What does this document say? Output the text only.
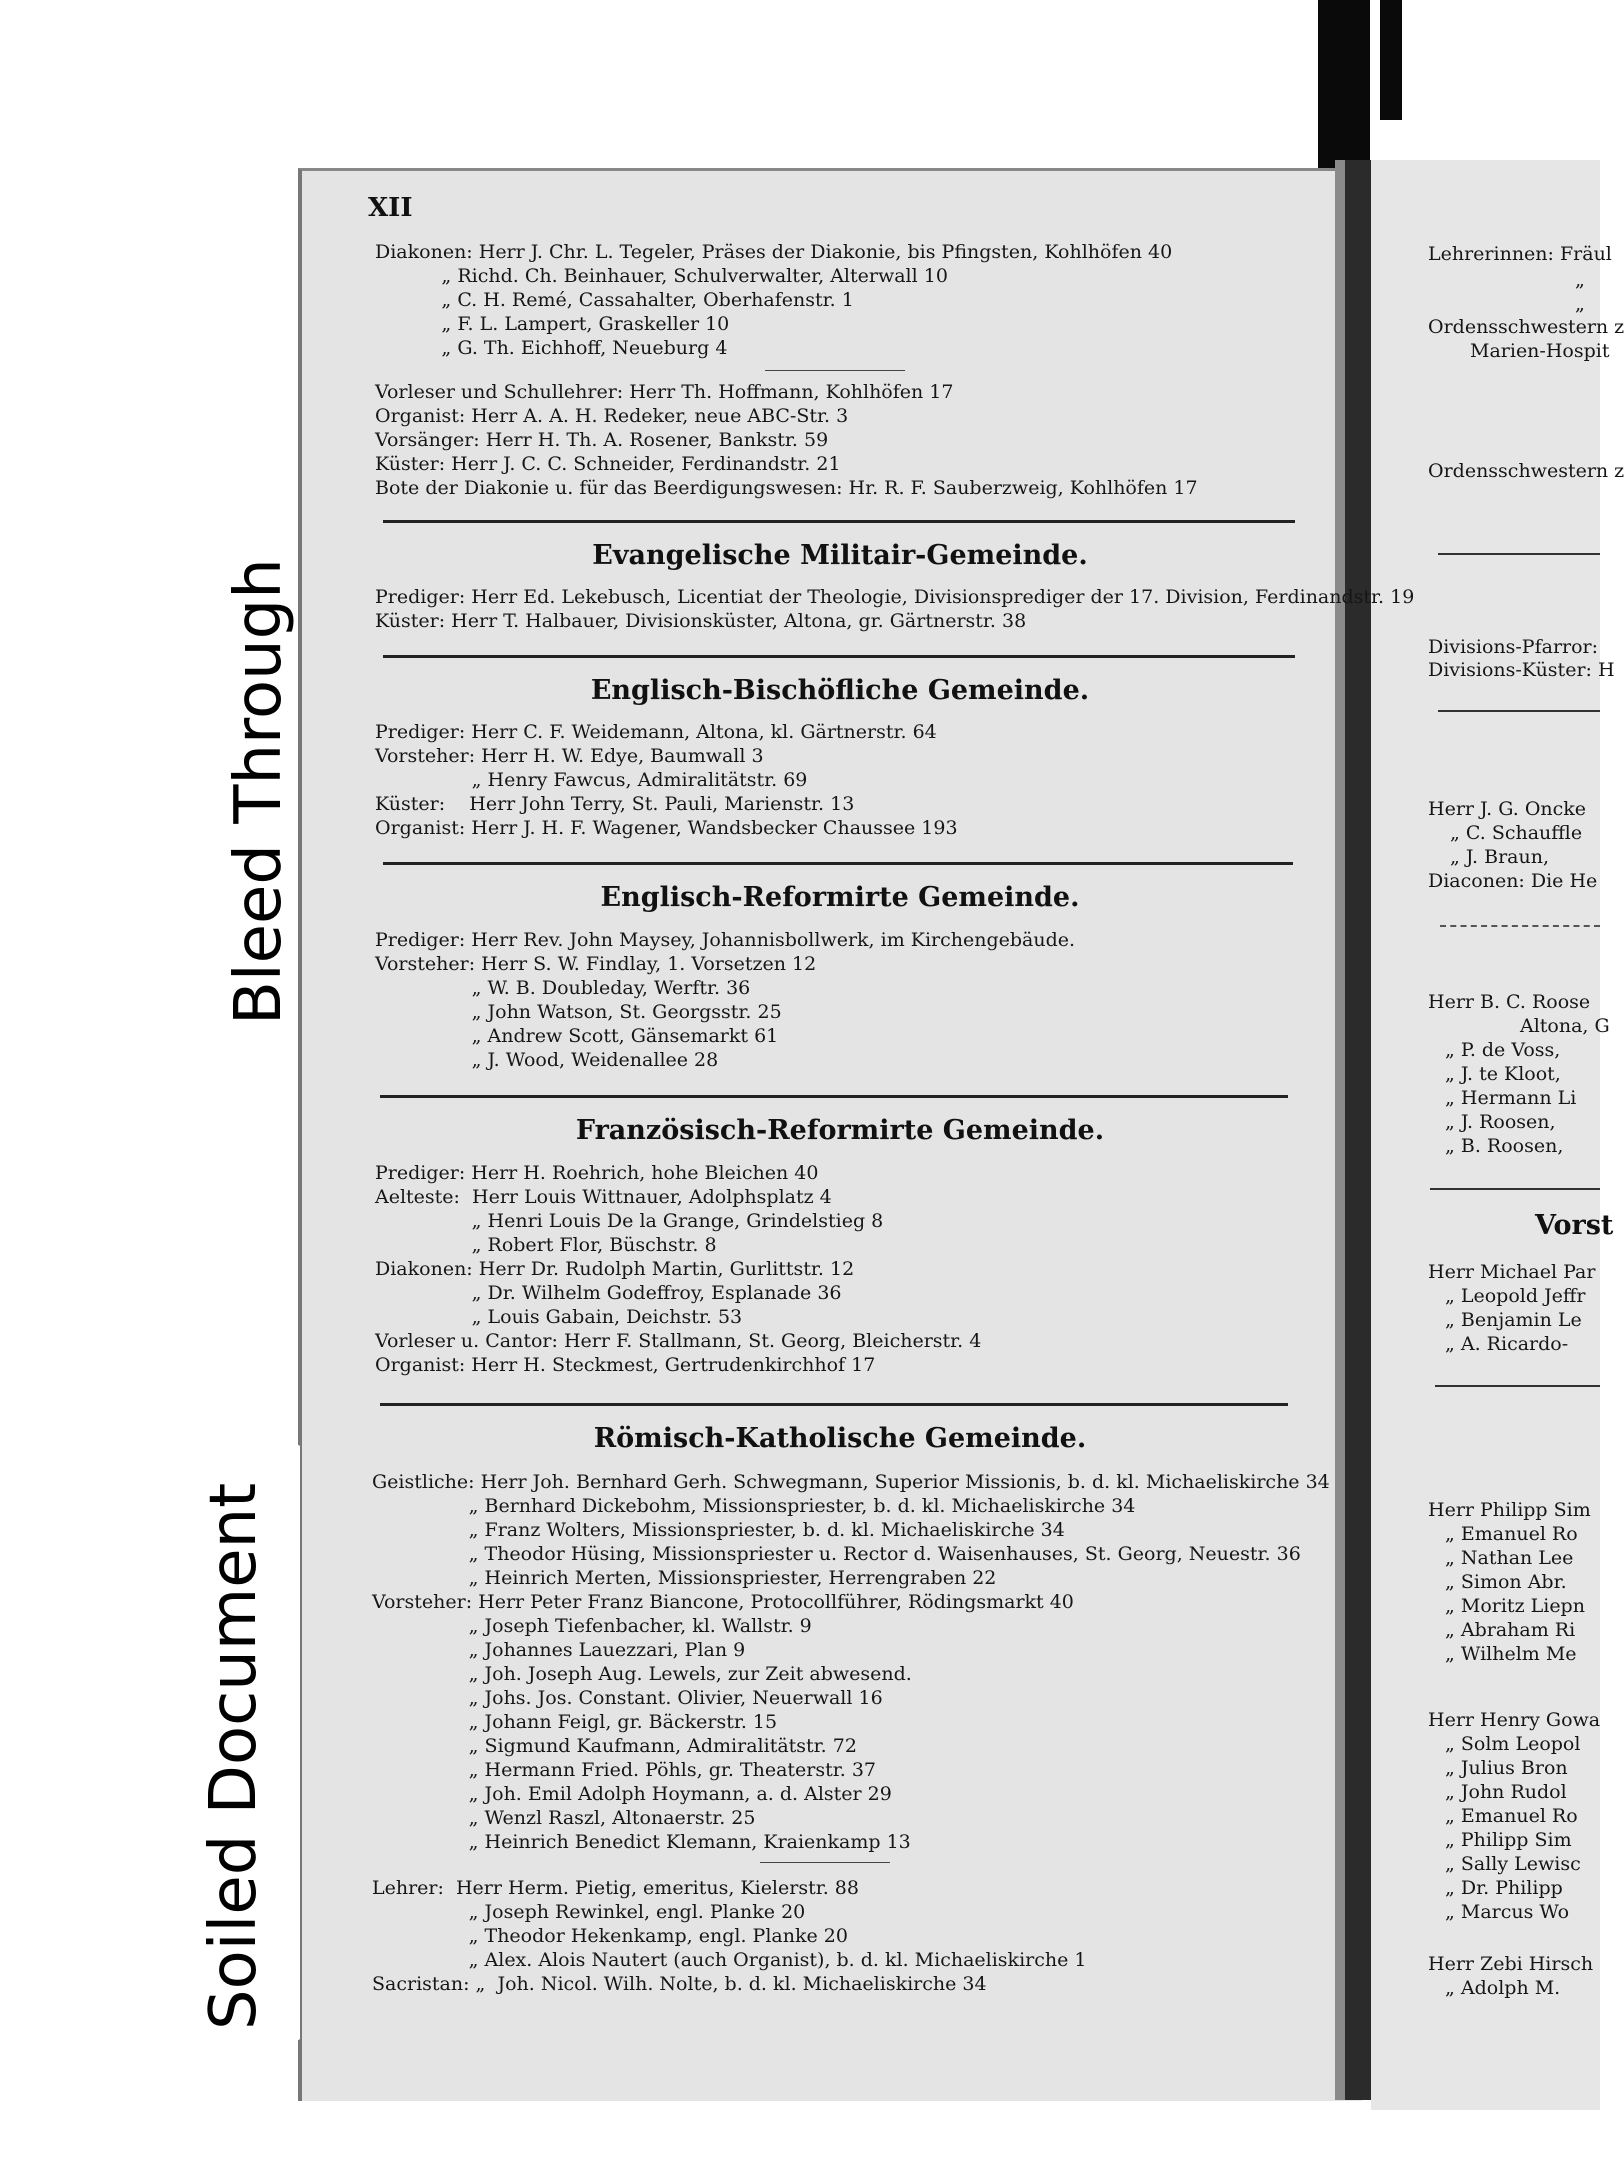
Bleed Through
Soiled Document
XII
Diakonen: Herr J. Chr. L. Tegeler, Präses der Diakonie, bis Pfingsten, Kohlhöfen 40
„ Richd. Ch. Beinhauer, Schulverwalter, Alterwall 10
„ C. H. Remé, Cassahalter, Oberhafenstr. 1
„ F. L. Lampert, Graskeller 10
„ G. Th. Eichhoff, Neueburg 4
Vorleser und Schullehrer: Herr Th. Hoffmann, Kohlhöfen 17
Organist: Herr A. A. H. Redeker, neue ABC-Str. 3
Vorsänger: Herr H. Th. A. Rosener, Bankstr. 59
Küster: Herr J. C. C. Schneider, Ferdinandstr. 21
Bote der Diakonie u. für das Beerdigungswesen: Hr. R. F. Sauberzweig, Kohlhöfen 17
Evangelische Militair-Gemeinde.
Prediger: Herr Ed. Lekebusch, Licentiat der Theologie, Divisionsprediger der 17. Division, Ferdinandstr. 19
Küster: Herr T. Halbauer, Divisionsküster, Altona, gr. Gärtnerstr. 38
Englisch-Bischöfliche Gemeinde.
Prediger: Herr C. F. Weidemann, Altona, kl. Gärtnerstr. 64
Vorsteher: Herr H. W. Edye, Baumwall 3
„ Henry Fawcus, Admiralitätstr. 69
Küster:    Herr John Terry, St. Pauli, Marienstr. 13
Organist: Herr J. H. F. Wagener, Wandsbecker Chaussee 193
Englisch-Reformirte Gemeinde.
Prediger: Herr Rev. John Maysey, Johannisbollwerk, im Kirchengebäude.
Vorsteher: Herr S. W. Findlay, 1. Vorsetzen 12
„ W. B. Doubleday, Werftr. 36
„ John Watson, St. Georgsstr. 25
„ Andrew Scott, Gänsemarkt 61
„ J. Wood, Weidenallee 28
Französisch-Reformirte Gemeinde.
Prediger: Herr H. Roehrich, hohe Bleichen 40
Aelteste:  Herr Louis Wittnauer, Adolphsplatz 4
„ Henri Louis De la Grange, Grindelstieg 8
„ Robert Flor, Büschstr. 8
Diakonen: Herr Dr. Rudolph Martin, Gurlittstr. 12
„ Dr. Wilhelm Godeffroy, Esplanade 36
„ Louis Gabain, Deichstr. 53
Vorleser u. Cantor: Herr F. Stallmann, St. Georg, Bleicherstr. 4
Organist: Herr H. Steckmest, Gertrudenkirchhof 17
Römisch-Katholische Gemeinde.
Geistliche: Herr Joh. Bernhard Gerh. Schwegmann, Superior Missionis, b. d. kl. Michaeliskirche 34
„ Bernhard Dickebohm, Missionspriester, b. d. kl. Michaeliskirche 34
„ Franz Wolters, Missionspriester, b. d. kl. Michaeliskirche 34
„ Theodor Hüsing, Missionspriester u. Rector d. Waisenhauses, St. Georg, Neuestr. 36
„ Heinrich Merten, Missionspriester, Herrengraben 22
Vorsteher: Herr Peter Franz Biancone, Protocollführer, Rödingsmarkt 40
„ Joseph Tiefenbacher, kl. Wallstr. 9
„ Johannes Lauezzari, Plan 9
„ Joh. Joseph Aug. Lewels, zur Zeit abwesend.
„ Johs. Jos. Constant. Olivier, Neuerwall 16
„ Johann Feigl, gr. Bäckerstr. 15
„ Sigmund Kaufmann, Admiralitätstr. 72
„ Hermann Fried. Pöhls, gr. Theaterstr. 37
„ Joh. Emil Adolph Hoymann, a. d. Alster 29
„ Wenzl Raszl, Altonaerstr. 25
„ Heinrich Benedict Klemann, Kraienkamp 13
Lehrer:  Herr Herm. Pietig, emeritus, Kielerstr. 88
„ Joseph Rewinkel, engl. Planke 20
„ Theodor Hekenkamp, engl. Planke 20
„ Alex. Alois Nautert (auch Organist), b. d. kl. Michaeliskirche 1
Sacristan: „  Joh. Nicol. Wilh. Nolte, b. d. kl. Michaeliskirche 34
Lehrerinnen: Fräul
„
„
Ordensschwestern z
Marien-Hospit
Ordensschwestern z
Divisions-Pfarror:
Divisions-Küster: H
Herr J. G. Oncke
„ C. Schauffle
„ J. Braun,
Diaconen: Die He
Herr B. C. Roose
Altona, G
„ P. de Voss,
„ J. te Kloot,
„ Hermann Li
„ J. Roosen,
„ B. Roosen,
Vorst
Herr Michael Par
„ Leopold Jeffr
„ Benjamin Le
„ A. Ricardo-
Herr Philipp Sim
„ Emanuel Ro
„ Nathan Lee
„ Simon Abr.
„ Moritz Liepn
„ Abraham Ri
„ Wilhelm Me
Herr Henry Gowa
„ Solm Leopol
„ Julius Bron
„ John Rudol
„ Emanuel Ro
„ Philipp Sim
„ Sally Lewisc
„ Dr. Philipp
„ Marcus Wo
Herr Zebi Hirsch
„ Adolph M.
